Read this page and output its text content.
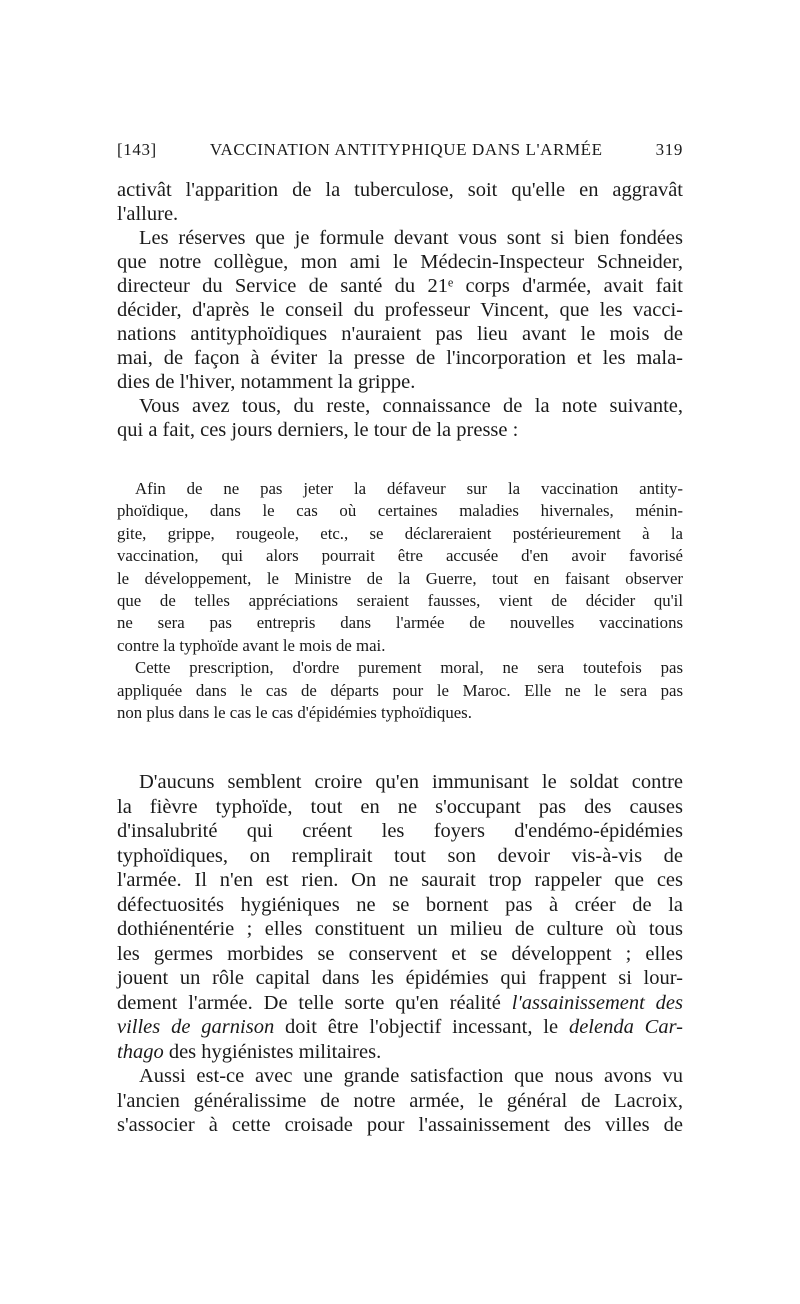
[143]	VACCINATION ANTITYPHIQUE DANS L'ARMÉE	319

activât l'apparition de la tuberculose, soit qu'elle en aggravât
l'allure.

Les réserves que je formule devant vous sont si bien fondées
que notre collègue, mon ami le Médecin-Inspecteur Schneider,
directeur du Service de santé du 21ᵉ corps d'armée, avait fait
décider, d'après le conseil du professeur Vincent, que les vacci-
nations antityphoïdiques n'auraient pas lieu avant le mois de
mai, de façon à éviter la presse de l'incorporation et les mala-
dies de l'hiver, notamment la grippe.

Vous avez tous, du reste, connaissance de la note suivante,
qui a fait, ces jours derniers, le tour de la presse :

Afin de ne pas jeter la défaveur sur la vaccination antity-
phoïdique, dans le cas où certaines maladies hivernales, ménin-
gite, grippe, rougeole, etc., se déclareraient postérieurement à la
vaccination, qui alors pourrait être accusée d'en avoir favorisé
le développement, le Ministre de la Guerre, tout en faisant observer
que de telles appréciations seraient fausses, vient de décider qu'il
ne sera pas entrepris dans l'armée de nouvelles vaccinations
contre la typhoïde avant le mois de mai.

Cette prescription, d'ordre purement moral, ne sera toutefois pas
appliquée dans le cas de départs pour le Maroc. Elle ne le sera pas
non plus dans le cas le cas d'épidémies typhoïdiques.

D'aucuns semblent croire qu'en immunisant le soldat contre
la fièvre typhoïde, tout en ne s'occupant pas des causes
d'insalubrité qui créent les foyers d'endémo-épidémies
typhoïdiques, on remplirait tout son devoir vis-à-vis de
l'armée. Il n'en est rien. On ne saurait trop rappeler que ces
défectuosités hygiéniques ne se bornent pas à créer de la
dothiénentérie ; elles constituent un milieu de culture où tous
les germes morbides se conservent et se développent ; elles
jouent un rôle capital dans les épidémies qui frappent si lour-
dement l'armée. De telle sorte qu'en réalité l'assainissement des
villes de garnison doit être l'objectif incessant, le delenda Car-
thago des hygiénistes militaires.

Aussi est-ce avec une grande satisfaction que nous avons vu
l'ancien généralissime de notre armée, le général de Lacroix,
s'associer à cette croisade pour l'assainissement des villes de
